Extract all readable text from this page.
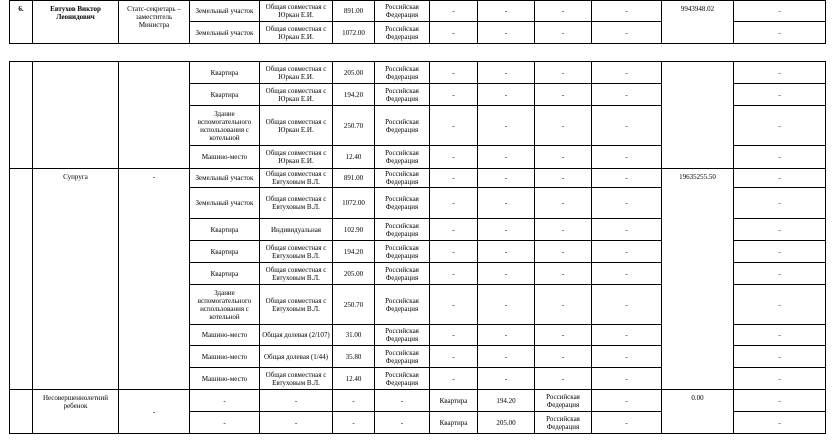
6.	Евтухов Виктор Леонидович	Статс-секретарь – заместитель Министра	Земельный участок	Общая совместная с Юркан Е.И.	891.00	Российская Федерация	-	-	-	-	9943948.02	-
			Земельный участок	Общая совместная с Юркан Е.И.	1072.00	Российская Федерация	-	-	-	-		-
			Квартира	Общая совместная с Юркан Е.И.	205.00	Российская Федерация	-	-	-	-		-
			Квартира	Общая совместная с Юркан Е.И.	194.20	Российская Федерация	-	-	-	-		-
			Здание вспомогательного использования с котельной	Общая совместная с Юркан Е.И.	250.70	Российская Федерация	-	-	-	-		-
			Машино-место	Общая совместная с Юркан Е.И.	12.40	Российская Федерация	-	-	-	-		-
	Супруга	-	Земельный участок	Общая совместная с Евтуховым В.Л.	891.00	Российская Федерация	-	-	-	-	19635255.50	-
			Земельный участок	Общая совместная с Евтуховым В.Л.	1072.00	Российская Федерация	-	-	-	-		-
			Квартира	Индивидуальная	102.90	Российская Федерация	-	-	-	-		-
			Квартира	Общая совместная с Евтуховым В.Л.	194.20	Российская Федерация	-	-	-	-		-
			Квартира	Общая совместная с Евтуховым В.Л.	205.00	Российская Федерация	-	-	-	-		-
			Здание вспомогательного использования с котельной	Общая совместная с Евтуховым В.Л.	250.70	Российская Федерация	-	-	-	-		-
			Машино-место	Общая долевая (2/107)	31.00	Российская Федерация	-	-	-	-		-
			Машино-место	Общая долевая (1/44)	35.80	Российская Федерация	-	-	-	-		-
			Машино-место	Общая совместная с Евтуховым В.Л.	12.40	Российская Федерация	-	-	-	-		-
	Несовершеннолетний ребенок	-	-	-	-	-	Квартира	194.20	Российская Федерация	-	0.00	-
			-	-	-	-	Квартира	205.00	Российская Федерация	-		-
